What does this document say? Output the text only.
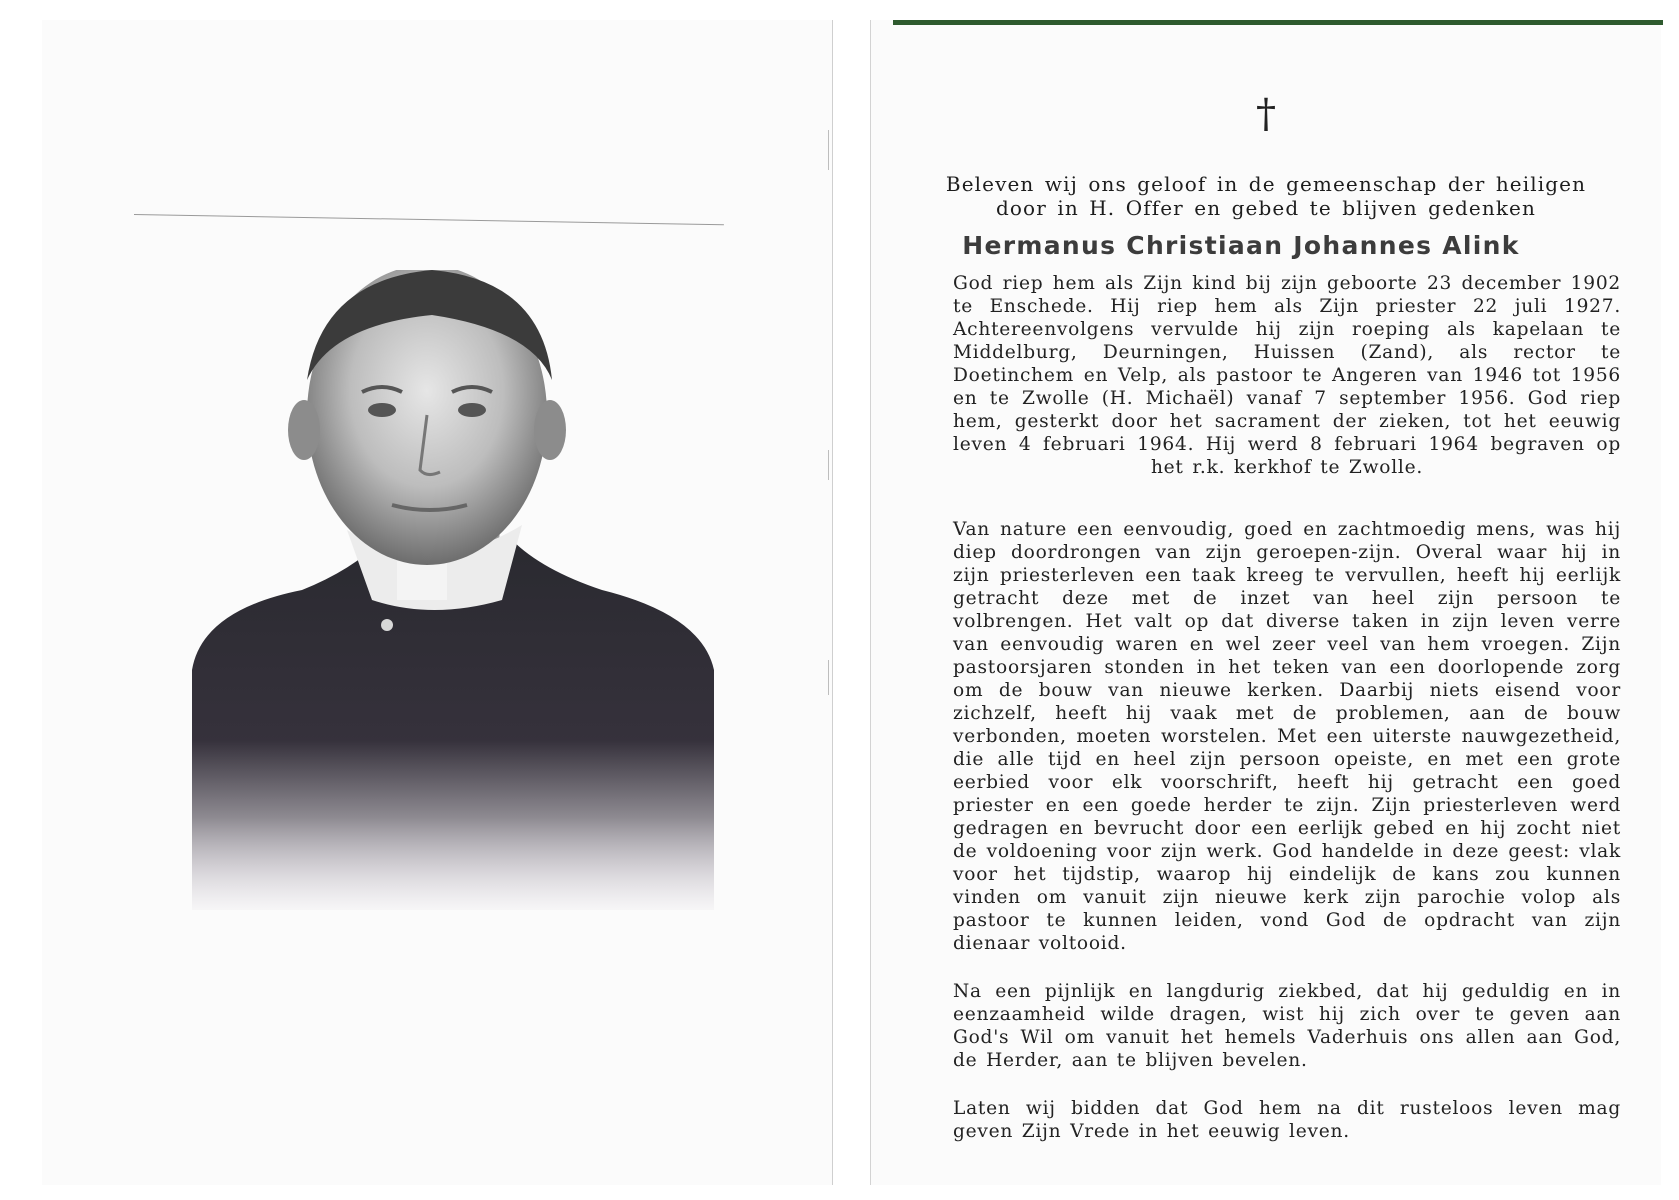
†
Beleven wij ons geloof in de gemeenschap der heiligen door in H. Offer en gebed te blijven gedenken
Hermanus Christiaan Johannes Alink

God riep hem als Zijn kind bij zijn geboorte 23 december 1902 te Enschede. Hij riep hem als Zijn priester 22 juli 1927. Achtereenvolgens vervulde hij zijn roeping als kapelaan te Middelburg, Deurningen, Huissen (Zand), als rector te Doetinchem en Velp, als pastoor te Angeren van 1946 tot 1956 en te Zwolle (H. Michaël) vanaf 7 september 1956. God riep hem, gesterkt door het sacrament der zieken, tot het eeuwig leven 4 februari 1964. Hij werd 8 februari 1964 begraven op het r.k. kerkhof te Zwolle.

Van nature een eenvoudig, goed en zachtmoedig mens, was hij diep doordrongen van zijn geroepen-zijn. Overal waar hij in zijn priesterleven een taak kreeg te vervullen, heeft hij eerlijk getracht deze met de inzet van heel zijn persoon te volbrengen. Het valt op dat diverse taken in zijn leven verre van eenvoudig waren en wel zeer veel van hem vroegen. Zijn pastoorsjaren stonden in het teken van een doorlopende zorg om de bouw van nieuwe kerken. Daarbij niets eisend voor zichzelf, heeft hij vaak met de problemen, aan de bouw verbonden, moeten worstelen. Met een uiterste nauwgezetheid, die alle tijd en heel zijn persoon opeiste, en met een grote eerbied voor elk voorschrift, heeft hij getracht een goed priester en een goede herder te zijn. Zijn priesterleven werd gedragen en bevrucht door een eerlijk gebed en hij zocht niet de voldoening voor zijn werk. God handelde in deze geest: vlak voor het tijdstip, waarop hij eindelijk de kans zou kunnen vinden om vanuit zijn nieuwe kerk zijn parochie volop als pastoor te kunnen leiden, vond God de opdracht van zijn dienaar voltooid.

Na een pijnlijk en langdurig ziekbed, dat hij geduldig en in eenzaamheid wilde dragen, wist hij zich over te geven aan God's Wil om vanuit het hemels Vaderhuis ons allen aan God, de Herder, aan te blijven bevelen.

Laten wij bidden dat God hem na dit rusteloos leven mag geven Zijn Vrede in het eeuwig leven.
